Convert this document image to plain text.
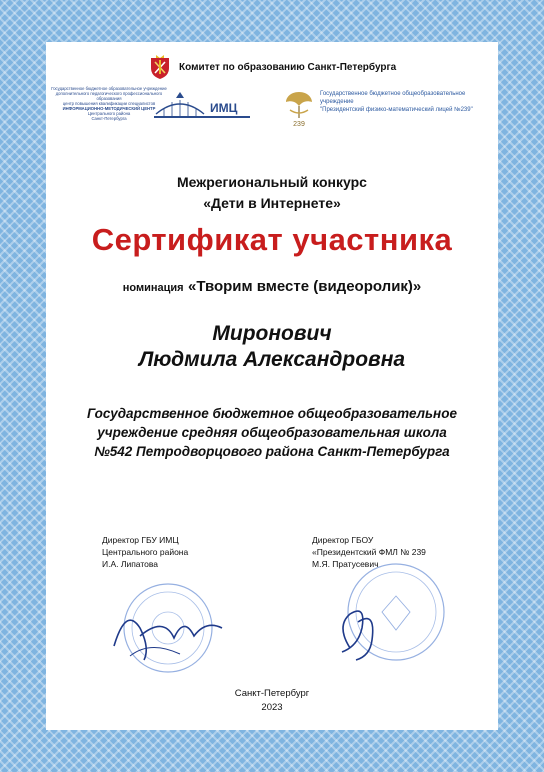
Комитет по образованию Санкт-Петербурга
Государственное бюджетное образовательное учреждение
дополнительного педагогического профессионального образования
центр повышения квалификации специалистов
ИНФОРМАЦИОННО-МЕТОДИЧЕСКИЙ ЦЕНТР
Центрального района
Санкт-Петербурга
ИМЦ
239
Государственное бюджетное общеобразовательное учреждение
"Президентский физико-математический лицей №239"
Межрегиональный конкурс
«Дети в Интернете»
Сертификат участника
номинация «Творим вместе (видеоролик)»
Миронович
Людмила Александровна
Государственное бюджетное общеобразовательное
учреждение средняя общеобразовательная школа
№542 Петродворцового района Санкт-Петербурга
Директор ГБУ ИМЦ
Центрального района
И.А. Липатова
Директор ГБОУ
«Президентский ФМЛ № 239
М.Я. Пратусевич
Санкт-Петербург
2023
